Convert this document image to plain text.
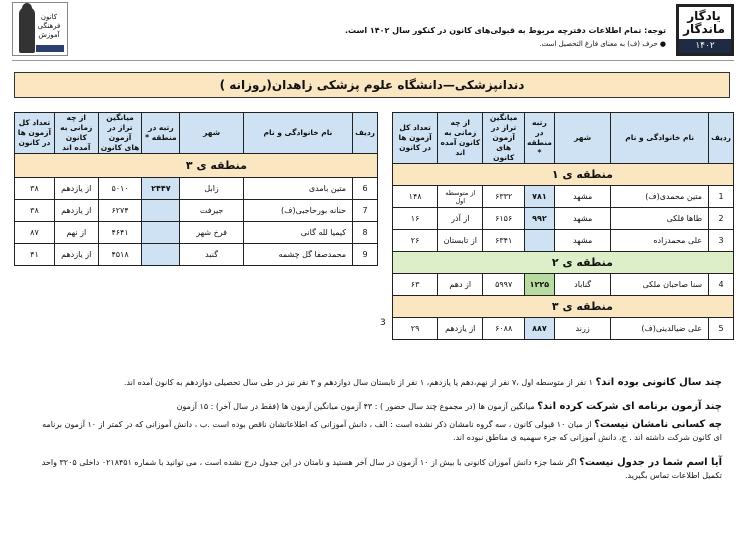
یادگار ماندگار
۱۴۰۲
توجه: تمام اطلاعات دفترچه مربوط به قبولی‌های کانون در کنکور سال ۱۴۰۲ است.
● حرف (ف) به معنای فارغ التحصیل است.
کانون فرهنگی آموزش
دندانپزشکی—دانشگاه علوم پزشکی زاهدان(روزانه )
ردیف	نام خانوادگی و نام	شهر	رتبه در منطقه *	میانگین تراز در آزمون های کانون	از چه زمانی به کانون آمده اند	تعداد کل آزمون ها در کانون
منطقه ی ۱						
1	متین محمدی(ف)	مشهد	۷۸۱	۶۳۳۲	از متوسطه اول	۱۴۸
2	طاها فلکی	مشهد	۹۹۲	۶۱۵۶	از آذر	۱۶
3	علی محمدزاده	مشهد		۶۳۴۱	از تابستان	۲۶
منطقه ی ۲						
4	سنا صاحبان ملکی	گناباد	۱۲۲۵	۵۹۹۷	از دهم	۶۳
منطقه ی ۳						
5	علی ضیالدینی(ف)	زرند	۸۸۷	۶۰۸۸	از یازدهم	۲۹
ردیف	نام خانوادگی و نام	شهر	رتبه در منطقه *	میانگین تراز در آزمون های کانون	از چه زمانی به کانون آمده اند	تعداد کل آزمون ها در کانون
منطقه ی ۳						
6	متین بامدی	زابل	۲۴۴۷	۵۰۱۰	از یازدهم	۳۸
7	حنانه بورحاجبی(ف)	جیرفت		۶۲۷۴	از یازدهم	۳۸
8	کیمیا لله گانی	فرخ شهر		۴۶۴۱	از نهم	۸۷
9	محمدصفا گل چشمه	گنبد		۴۵۱۸	از یازدهم	۴۱
3
چند سال کانونی بوده اند؟ ۱ نفر از متوسطه اول ،۷ نفر از نهم،دهم یا یازدهم، ۱ نفر از تابستان سال دوازدهم و ۳ نفر نیز در طی سال تحصیلی دوازدهم به کانون آمده اند.
چند آزمون برنامه ای شرکت کرده اند؟ میانگین آزمون ها (در مجموع چند سال حضور ) : ۴۳ آزمون میانگین آزمون ها (فقط در سال آخر) : ۱۵ آزمون
چه کسانی نامشان نیست؟ از میان ۱۰ قبولی کانون ، سه گروه نامشان ذکر نشده است : الف ، دانش آموزانی که اطلاعاتشان ناقص بوده است .ب ، دانش آموزانی که در کمتر از ۱۰ آزمون برنامه ای کانون شرکت داشته اند . ج، دانش آموزانی که جزء سهمیه ی مناطق نبوده اند.
آیا اسم شما در جدول نیست؟ اگر شما جزء دانش آموزان کانونی با بیش از ۱۰ آزمون در سال آخر هستید و نامتان در این جدول درج نشده است ، می توانید با شماره ۰۲۱۸۴۵۱ داخلی ۳۲۰۵ واحد تکمیل اطلاعات تماس بگیرید.
